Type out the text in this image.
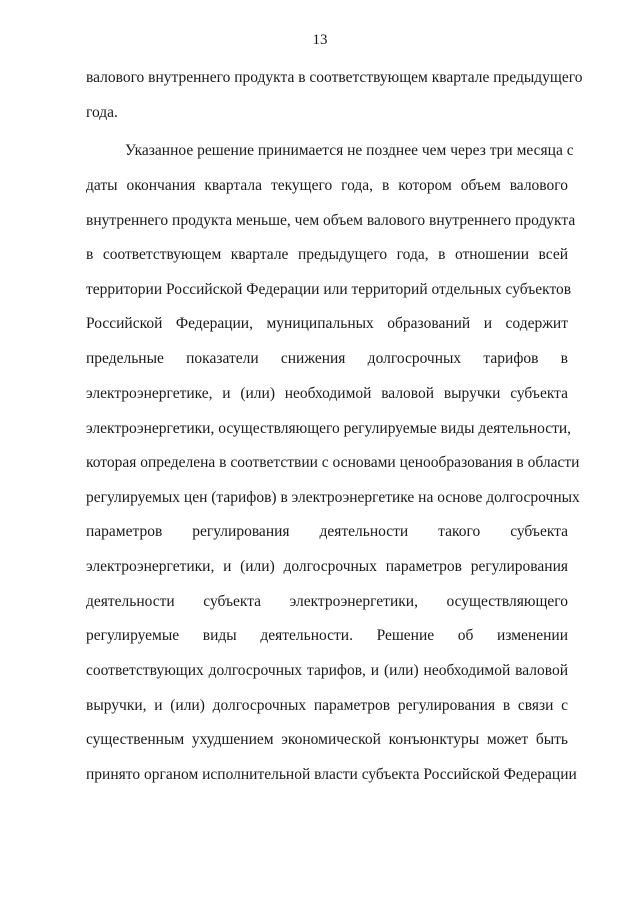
13
валового внутреннего продукта в соответствующем квартале предыдущего
года.
Указанное решение принимается не позднее чем через три месяца с
даты окончания квартала текущего года, в котором объем валового
внутреннего продукта меньше, чем объем валового внутреннего продукта
в соответствующем квартале предыдущего года, в отношении всей
территории Российской Федерации или территорий отдельных субъектов
Российской Федерации, муниципальных образований и содержит
предельные показатели снижения долгосрочных тарифов в
электроэнергетике, и (или) необходимой валовой выручки субъекта
электроэнергетики, осуществляющего регулируемые виды деятельности,
которая определена в соответствии с основами ценообразования в области
регулируемых цен (тарифов) в электроэнергетике на основе долгосрочных
параметров регулирования деятельности такого субъекта
электроэнергетики, и (или) долгосрочных параметров регулирования
деятельности субъекта электроэнергетики, осуществляющего
регулируемые виды деятельности. Решение об изменении
соответствующих долгосрочных тарифов, и (или) необходимой валовой
выручки, и (или) долгосрочных параметров регулирования в связи с
существенным ухудшением экономической конъюнктуры может быть
принято органом исполнительной власти субъекта Российской Федерации
